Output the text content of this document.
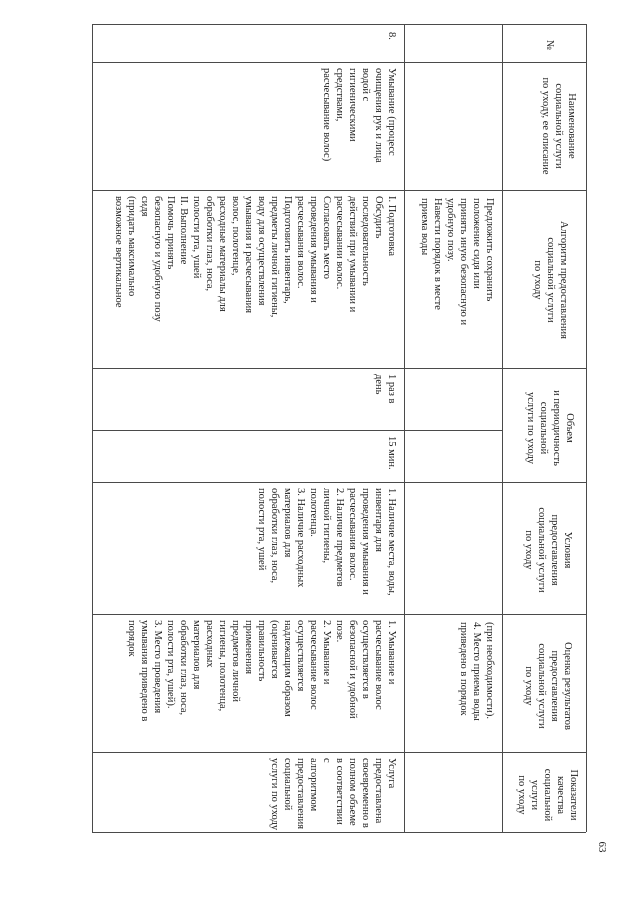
№
Наименование
социальной услуги
по уходу, ее описание
Алгоритм предоставления
социальной услуги
по уходу
Объем
и периодичность
социальной
услуги по уходу
Условия
предоставления
социальной услуги
по уходу
Оценка результатов
предоставления
социальной услуги
по уходу
Показатели
качества
социальной
услуги
по уходу
Предложить сохранить
положение сидя или
принять иную безопасную и
удобную позу.
Навести порядок в месте
приема воды
(при необходимости).
4. Место приема воды
приведено в порядок
8.
Умывание (процесс
очищения рук и лица
водой с
гигиеническими
средствами,
расчесывание волос)
I. Подготовка
Обсудить
последовательность
действий при умывании и
расчесывании волос.
Согласовать место
проведения умывания и
расчесывания волос.
Подготовить инвентарь,
предметы личной гигиены,
воду для осуществления
умывания и расчесывания
волос, полотенце,
расходные материалы для
обработки глаз, носа,
полости рта, ушей
II. Выполнение
Помочь принять
безопасную и удобную позу
сидя
(придать максимально
возможное вертикальное
1 раз в
день
15 мин.
1. Наличие места, воды,
инвентаря для
проведения умывания и
расчесывания волос.
2. Наличие предметов
личной гигиены,
полотенца.
3. Наличие расходных
материалов для
обработки глаз, носа,
полости рта, ушей
1. Умывание и
расчесывание волос
осуществляется в
безопасной и удобной
позе.
2. Умывание и
расчесывание волос
осуществляется
надлежащим образом
(оценивается
правильность
применения
предметов личной
гигиены, полотенца,
расходных
материалов для
обработки глаз, носа,
полости рта, ушей).
3. Место проведения
умывания приведено в
порядок
Услуга
предоставлена
своевременно в
полном объеме
в соответствии с
алгоритмом
предоставления
социальной
услуги по уходу
63
